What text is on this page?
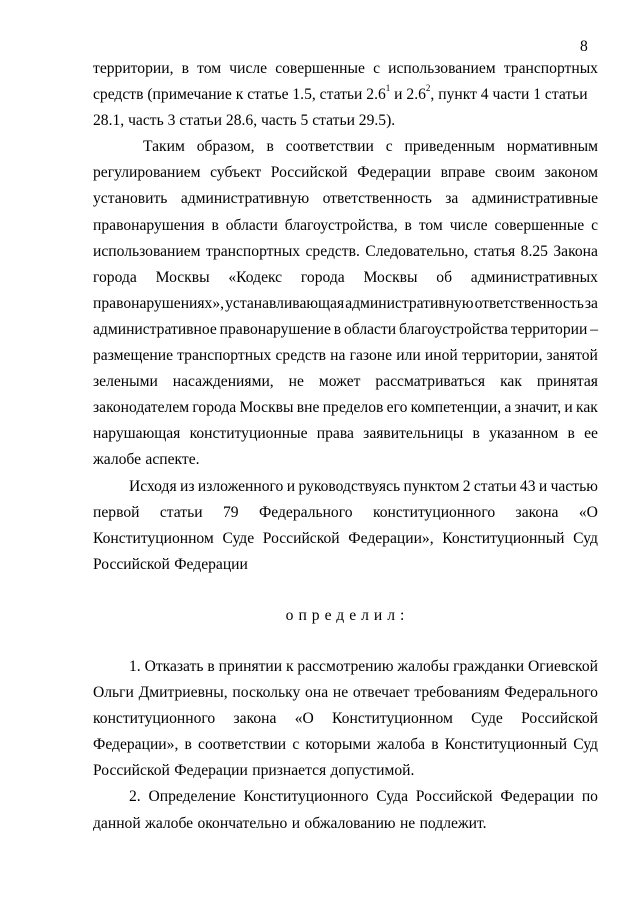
8
территории, в том числе совершенные с использованием транспортных
средств (примечание к статье 1.5, статьи $2.6^1$ и $2.6^2$, пункт 4 части 1 статьи
28.1, часть 3 статьи 28.6, часть 5 статьи 29.5).
Таким образом, в соответствии с приведенным нормативным
регулированием субъект Российской Федерации вправе своим законом
установить административную ответственность за административные
правонарушения в области благоустройства, в том числе совершенные с
использованием транспортных средств. Следовательно, статья 8.25 Закона
города Москвы «Кодекс города Москвы об административных
правонарушениях», устанавливающая административную ответственность за
административное правонарушение в области благоустройства территории –
размещение транспортных средств на газоне или иной территории, занятой
зелеными насаждениями, не может рассматриваться как принятая
законодателем города Москвы вне пределов его компетенции, а значит, и как
нарушающая конституционные права заявительницы в указанном в ее
жалобе аспекте.
Исходя из изложенного и руководствуясь пунктом 2 статьи 43 и частью
первой статьи 79 Федерального конституционного закона «О
Конституционном Суде Российской Федерации», Конституционный Суд
Российской Федерации
определил:
1. Отказать в принятии к рассмотрению жалобы гражданки Огиевской
Ольги Дмитриевны, поскольку она не отвечает требованиям Федерального
конституционного закона «О Конституционном Суде Российской
Федерации», в соответствии с которыми жалоба в Конституционный Суд
Российской Федерации признается допустимой.
2. Определение Конституционного Суда Российской Федерации по
данной жалобе окончательно и обжалованию не подлежит.
